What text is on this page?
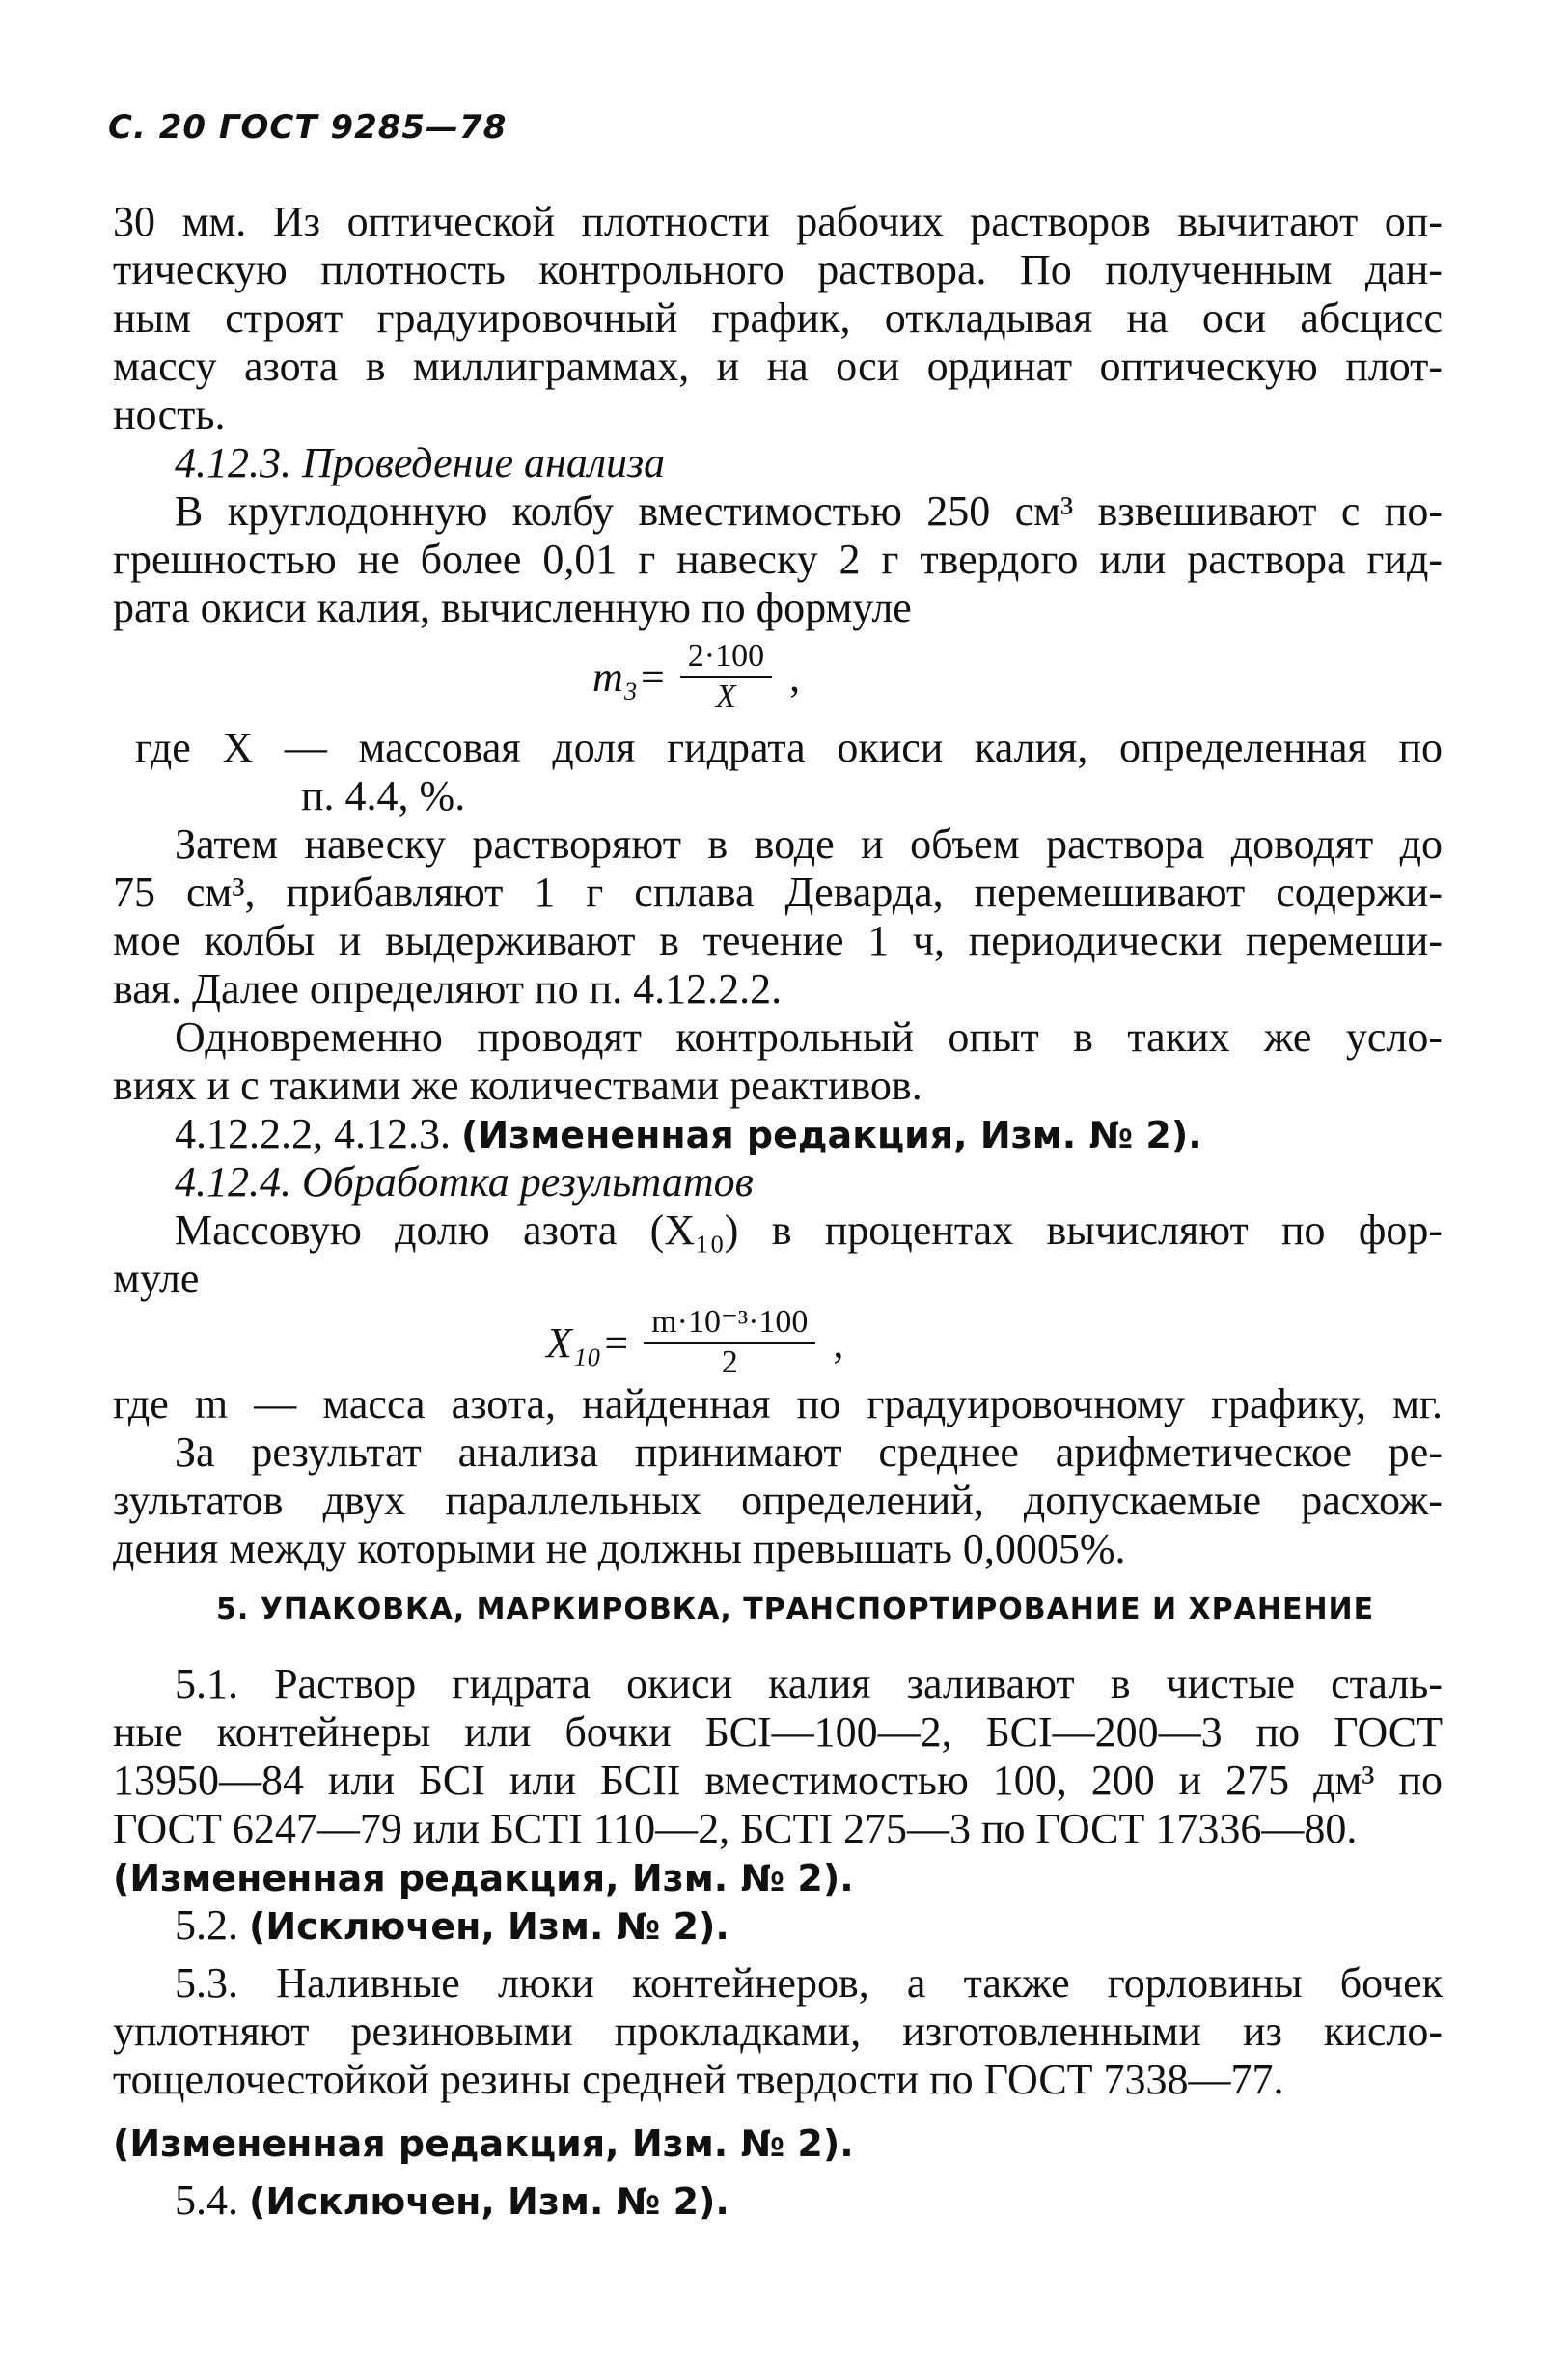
С. 20 ГОСТ 9285—78
30 мм. Из оптической плотности рабочих растворов вычитают оп-
тическую плотность контрольного раствора. По полученным дан-
ным строят градуировочный график, откладывая на оси абсцисс
массу азота в миллиграммах, и на оси ординат оптическую плот-
ность.
4.12.3. Проведение анализа
В круглодонную колбу вместимостью 250 см³ взвешивают с по-
грешностью не более 0,01 г навеску 2 г твердого или раствора гид-
рата окиси калия, вычисленную по формуле
$m_3= \frac{2\cdot 100}{X}$ ,
где X — массовая доля гидрата окиси калия, определенная по
п. 4.4, %.
Затем навеску растворяют в воде и объем раствора доводят до
75 см³, прибавляют 1 г сплава Деварда, перемешивают содержи-
мое колбы и выдерживают в течение 1 ч, периодически перемеши-
вая. Далее определяют по п. 4.12.2.2.
Одновременно проводят контрольный опыт в таких же усло-
виях и с такими же количествами реактивов.
4.12.2.2, 4.12.3. (Измененная редакция, Изм. № 2).
4.12.4. Обработка результатов
Массовую долю азота (X₁₀) в процентах вычисляют по фор-
муле
$X_{10}= \frac{\text{m·10⁻³·100}}{2}$ ,
где m — масса азота, найденная по градуировочному графику, мг.
За результат анализа принимают среднее арифметическое ре-
зультатов двух параллельных определений, допускаемые расхож-
дения между которыми не должны превышать 0,0005%.
5. УПАКОВКА, МАРКИРОВКА, ТРАНСПОРТИРОВАНИЕ И ХРАНЕНИЕ
5.1. Раствор гидрата окиси калия заливают в чистые сталь-
ные контейнеры или бочки БСI—100—2, БСI—200—3 по ГОСТ
13950—84 или БСI или БСII вместимостью 100, 200 и 275 дм³ по
ГОСТ 6247—79 или БСТI 110—2, БСТI 275—3 по ГОСТ 17336—80.
(Измененная редакция, Изм. № 2).
5.2. (Исключен, Изм. № 2).
5.3. Наливные люки контейнеров, а также горловины бочек
уплотняют резиновыми прокладками, изготовленными из кисло-
тощелочестойкой резины средней твердости по ГОСТ 7338—77.
(Измененная редакция, Изм. № 2).
5.4. (Исключен, Изм. № 2).
